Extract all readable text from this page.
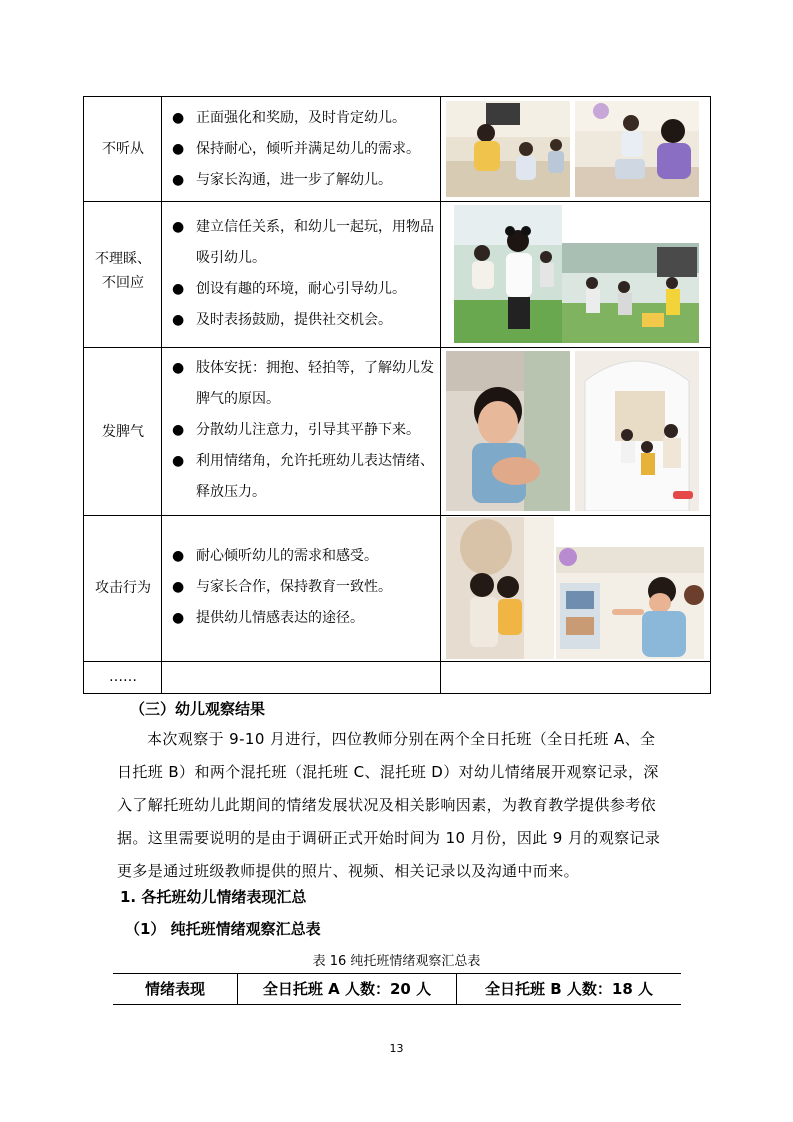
不听从
● 正面强化和奖励，及时肯定幼儿。
● 保持耐心，倾听并满足幼儿的需求。
● 与家长沟通，进一步了解幼儿。
不理睬、
不回应
● 建立信任关系，和幼儿一起玩，用物品
吸引幼儿。
● 创设有趣的环境，耐心引导幼儿。
● 及时表扬鼓励，提供社交机会。
发脾气
● 肢体安抚：拥抱、轻拍等，了解幼儿发
脾气的原因。
● 分散幼儿注意力，引导其平静下来。
● 利用情绪角，允许托班幼儿表达情绪、
释放压力。
攻击行为
● 耐心倾听幼儿的需求和感受。
● 与家长合作，保持教育一致性。
● 提供幼儿情感表达的途径。
……
（三）幼儿观察结果
本次观察于 9-10 月进行，四位教师分别在两个全日托班（全日托班 A、全
日托班 B）和两个混托班（混托班 C、混托班 D）对幼儿情绪展开观察记录，深
入了解托班幼儿此期间的情绪发展状况及相关影响因素，为教育教学提供参考依
据。这里需要说明的是由于调研正式开始时间为 10 月份，因此 9 月的观察记录
更多是通过班级教师提供的照片、视频、相关记录以及沟通中而来。
1. 各托班幼儿情绪表现汇总
（1） 纯托班情绪观察汇总表
表 16 纯托班情绪观察汇总表
情绪表现	全日托班 A 人数：20 人	全日托班 B 人数：18 人
13
